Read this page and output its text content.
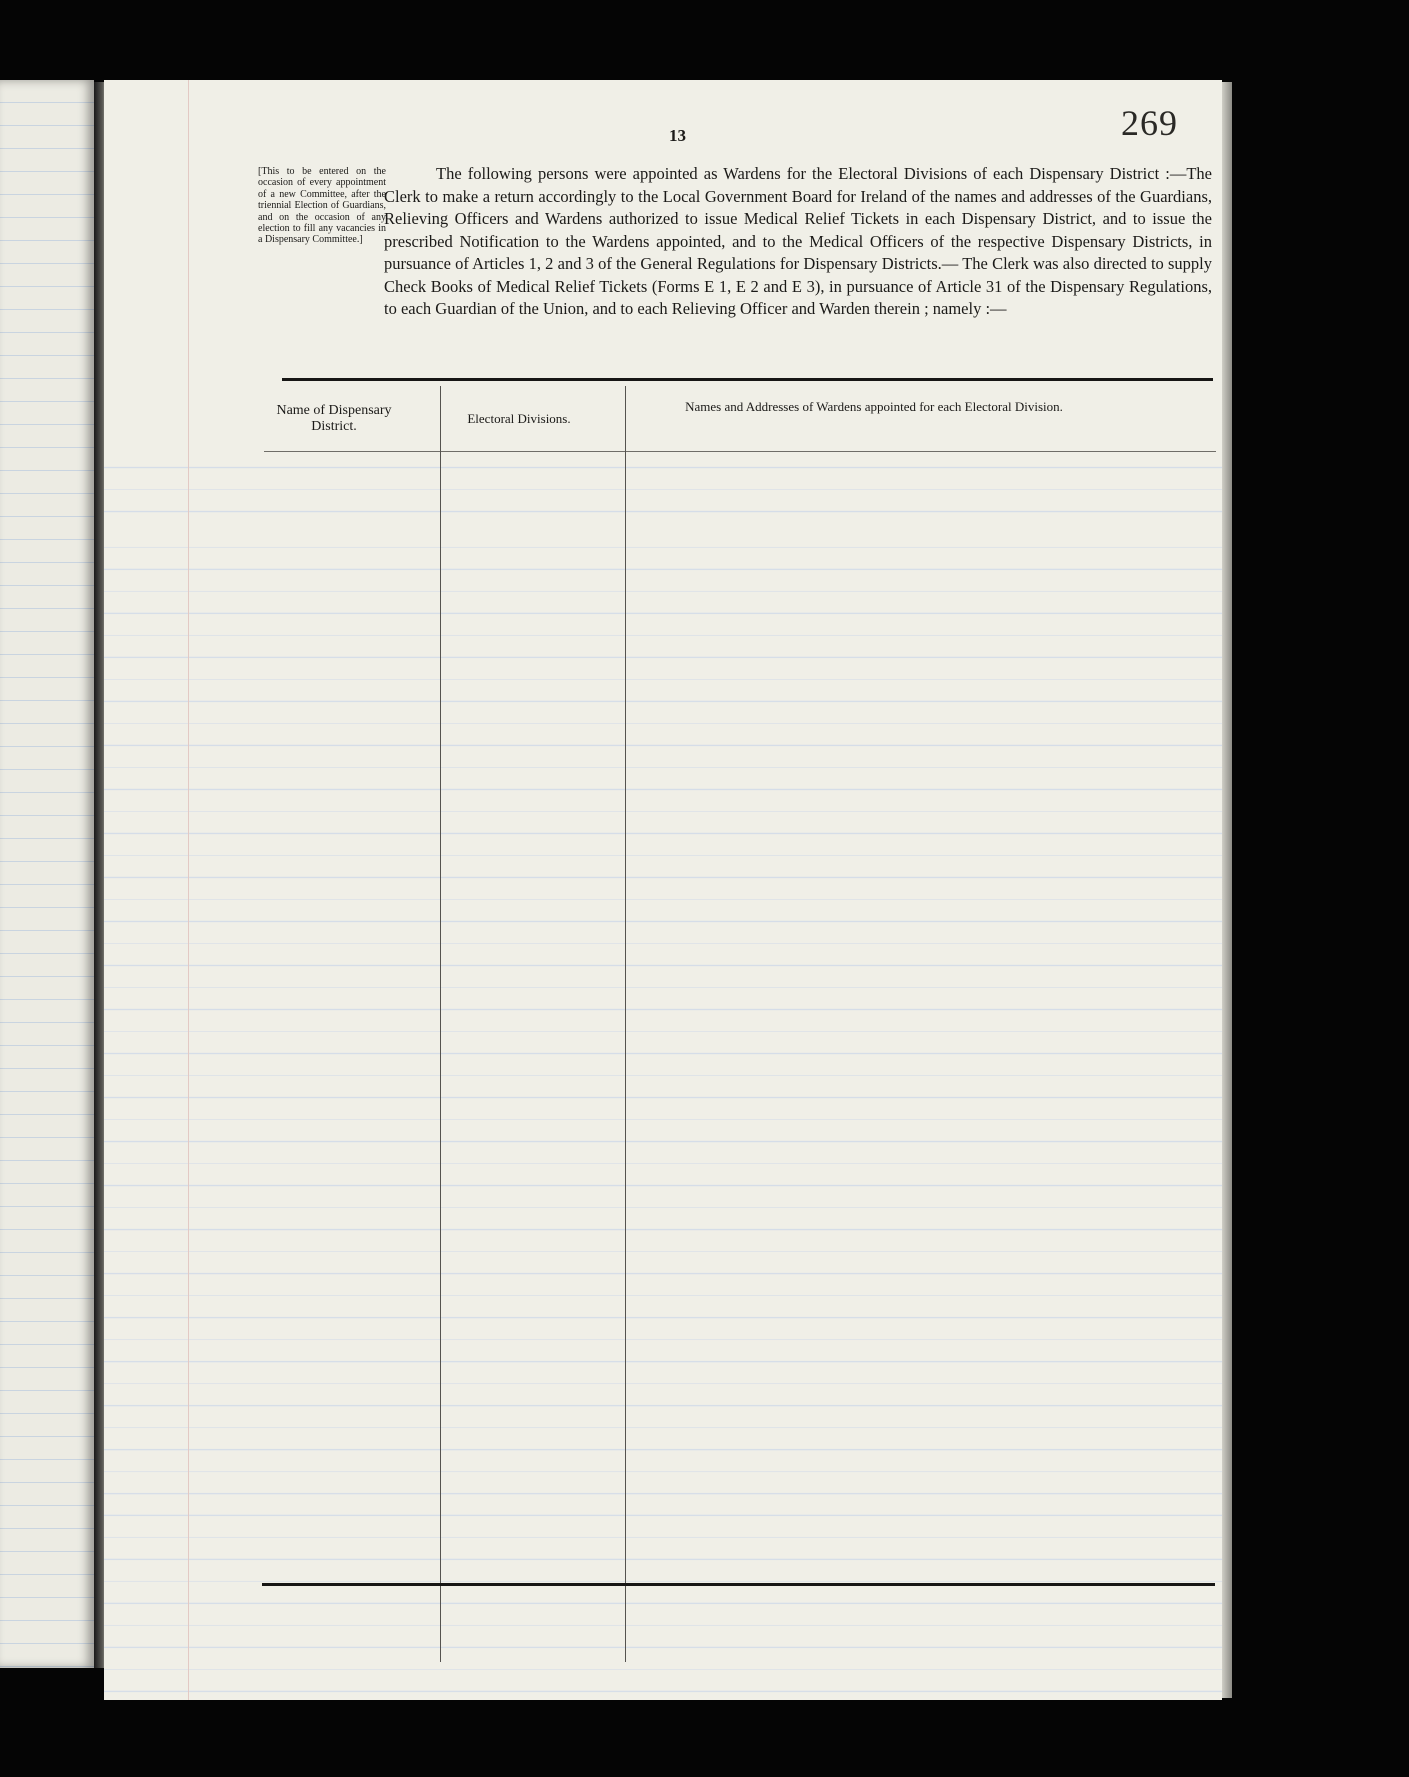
269
13
[This to be entered on the occasion of every appointment of a new Committee, after the triennial Election of Guardians, and on the occasion of any election to fill any vacancies in a Dispensary Committee.]
The following persons were appointed as Wardens for the Electoral Divisions of each Dispensary District :—The Clerk to make a return accordingly to the Local Government Board for Ireland of the names and addresses of the Guardians, Relieving Officers and Wardens authorized to issue Medical Relief Tickets in each Dispensary District, and to issue the prescribed Notification to the Wardens appointed, and to the Medical Officers of the respective Dispensary Districts, in pursuance of Articles 1, 2 and 3 of the General Regulations for Dispensary Districts.— The Clerk was also directed to supply Check Books of Medical Relief Tickets (Forms E 1, E 2 and E 3), in pursuance of Article 31 of the Dispensary Regulations, to each Guardian of the Union, and to each Relieving Officer and Warden therein ; namely :—
Name of Dispensary District.
Electoral Divisions.
Names and Addresses of Wardens appointed for each Electoral Division.
